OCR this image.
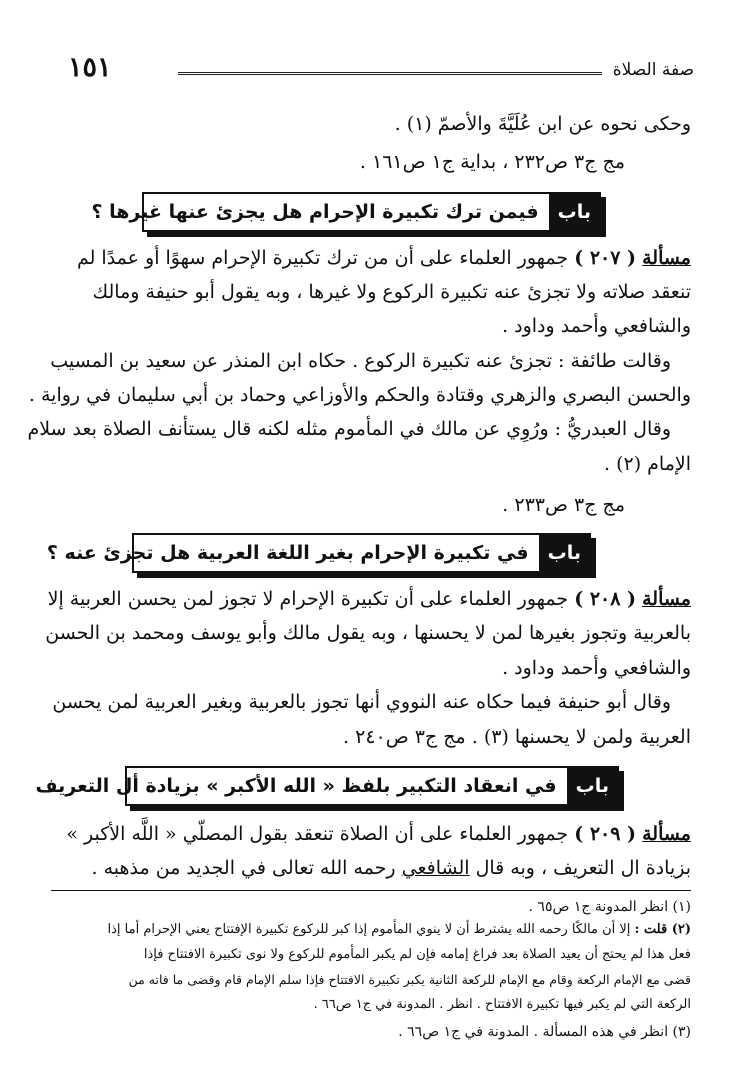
صفة الصلاة
١٥١
وحكى نحوه عن ابن عُلَيَّةَ والأصمّ (١) .
مج ج٣ ص٢٣٢ ، بداية ج١ ص١٦١ .
باب
فيمن ترك تكبيرة الإحرام هل يجزئ عنها غيرها ؟
مسألة ( ٢٠٧ ) جمهور العلماء على أن من ترك تكبيرة الإحرام سهوًا أو عمدًا لم
تنعقد صلاته ولا تجزئ عنه تكبيرة الركوع ولا غيرها ، وبه يقول أبو حنيفة ومالك
والشافعي وأحمد وداود .
وقالت طائفة : تجزئ عنه تكبيرة الركوع . حكاه ابن المنذر عن سعيد بن المسيب
والحسن البصري والزهري وقتادة والحكم والأوزاعي وحماد بن أبي سليمان في رواية .
وقال العبدريُّ : ورُوِي عن مالك في المأموم مثله لكنه قال يستأنف الصلاة بعد سلام
الإمام (٢) .
مج ج٣ ص٢٣٣ .
باب
في تكبيرة الإحرام بغير اللغة العربية هل تجزئ عنه ؟
مسألة ( ٢٠٨ ) جمهور العلماء على أن تكبيرة الإحرام لا تجوز لمن يحسن العربية إلا
بالعربية وتجوز بغيرها لمن لا يحسنها ، وبه يقول مالك وأبو يوسف ومحمد بن الحسن
والشافعي وأحمد وداود .
وقال أبو حنيفة فيما حكاه عنه النووي أنها تجوز بالعربية وبغير العربية لمن يحسن
العربية ولمن لا يحسنها (٣) . مج ج٣ ص٢٤٠ .
باب
في انعقاد التكبير بلفظ « الله الأكبر » بزيادة أل التعريف
مسألة ( ٢٠٩ ) جمهور العلماء على أن الصلاة تنعقد بقول المصلّي « اللَّه الأكبر »
بزيادة ال التعريف ، وبه قال الشافعي رحمه الله تعالى في الجديد من مذهبه .
(١) انظر المدونة ج١ ص٦٥ .
(٢) قلت : إلا أن مالكًا رحمه الله يشترط أن لا ينوي المأموم إذا كبر للركوع تكبيرة الإفتتاح يعني الإحرام أما إذا
فعل هذا لم يحتج أن يعيد الصلاة بعد فراغ إمامه فإن لم يكبر المأموم للركوع ولا نوى تكبيرة الافتتاح فإذا
قضى مع الإمام الركعة وقام مع الإمام للركعة الثانية يكبر تكبيرة الافتتاح فإذا سلم الإمام قام وقضى ما فاته من
الركعة التي لم يكبر فيها تكبيرة الافتتاح . انظر . المدونة في ج١ ص٦٦ .
(٣) انظر في هذه المسألة . المدونة في ج١ ص٦٦ .
